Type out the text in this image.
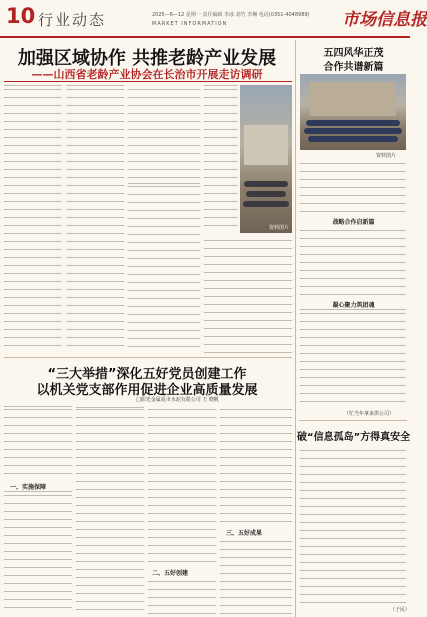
10 行业动态	2025—6—12 星期一 责任编辑 李冰 刘竹 李琳 电话(0351-4048989)
MARKET INFORMATION	市场信息报
加强区域协作 共推老龄产业发展
——山西省老龄产业协会在长治市开展走访调研
资料图片
“三大举措”深化五好党员创建工作
以机关党支部作用促进企业高质量发展
□阳光金属夏市水泥有限公司 王 晓帆
一、实施保障
二、五好创建
三、五好成果
五四风华正茂
合作共谱新篇
资料图片
战略合作启新篇
凝心聚力筑团魂
（忙当年拿来供公司）
破“信息孤岛”方得真安全
（于民）
